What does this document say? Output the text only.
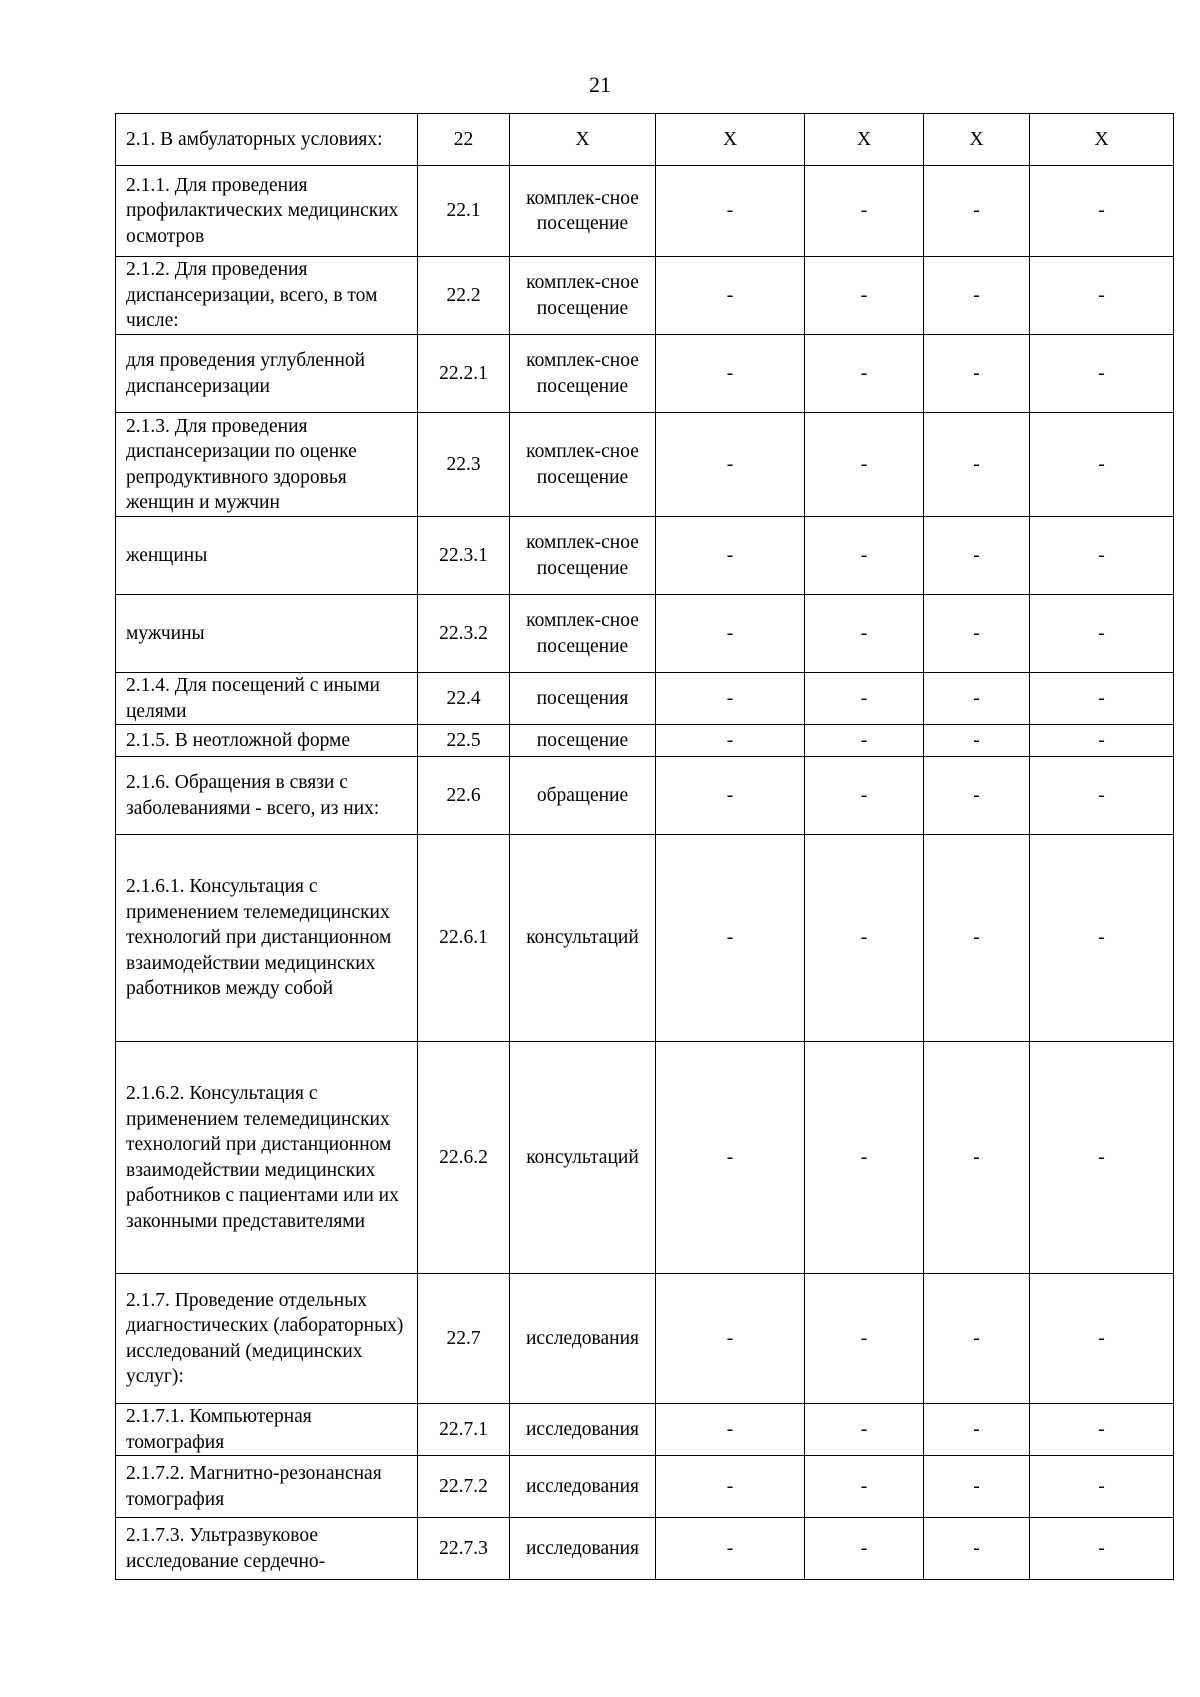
21
2.1. В амбулаторных условиях:	22	Х	Х	Х	Х	Х
2.1.1. Для проведения профилактических медицинских осмотров	22.1	комплек-сное посещение	-	-	-	-
2.1.2. Для проведения диспансеризации, всего, в том числе:	22.2	комплек-сное посещение	-	-	-	-
для проведения углубленной диспансеризации	22.2.1	комплек-сное посещение	-	-	-	-
2.1.3. Для проведения диспансеризации по оценке репродуктивного здоровья женщин и мужчин	22.3	комплек-сное посещение	-	-	-	-
женщины	22.3.1	комплек-сное посещение	-	-	-	-
мужчины	22.3.2	комплек-сное посещение	-	-	-	-
2.1.4. Для посещений с иными целями	22.4	посещения	-	-	-	-
2.1.5. В неотложной форме	22.5	посещение	-	-	-	-
2.1.6. Обращения в связи с заболеваниями - всего, из них:	22.6	обращение	-	-	-	-
2.1.6.1. Консультация с применением телемедицинских технологий при дистанционном взаимодействии медицинских работников между собой	22.6.1	консультаций	-	-	-	-
2.1.6.2. Консультация с применением телемедицинских технологий при дистанционном взаимодействии медицинских работников с пациентами или их законными представителями	22.6.2	консультаций	-	-	-	-
2.1.7. Проведение отдельных диагностических (лабораторных) исследований (медицинских услуг):	22.7	исследования	-	-	-	-
2.1.7.1. Компьютерная томография	22.7.1	исследования	-	-	-	-
2.1.7.2. Магнитно-резонансная томография	22.7.2	исследования	-	-	-	-
2.1.7.3. Ультразвуковое исследование сердечно-	22.7.3	исследования	-	-	-	-
